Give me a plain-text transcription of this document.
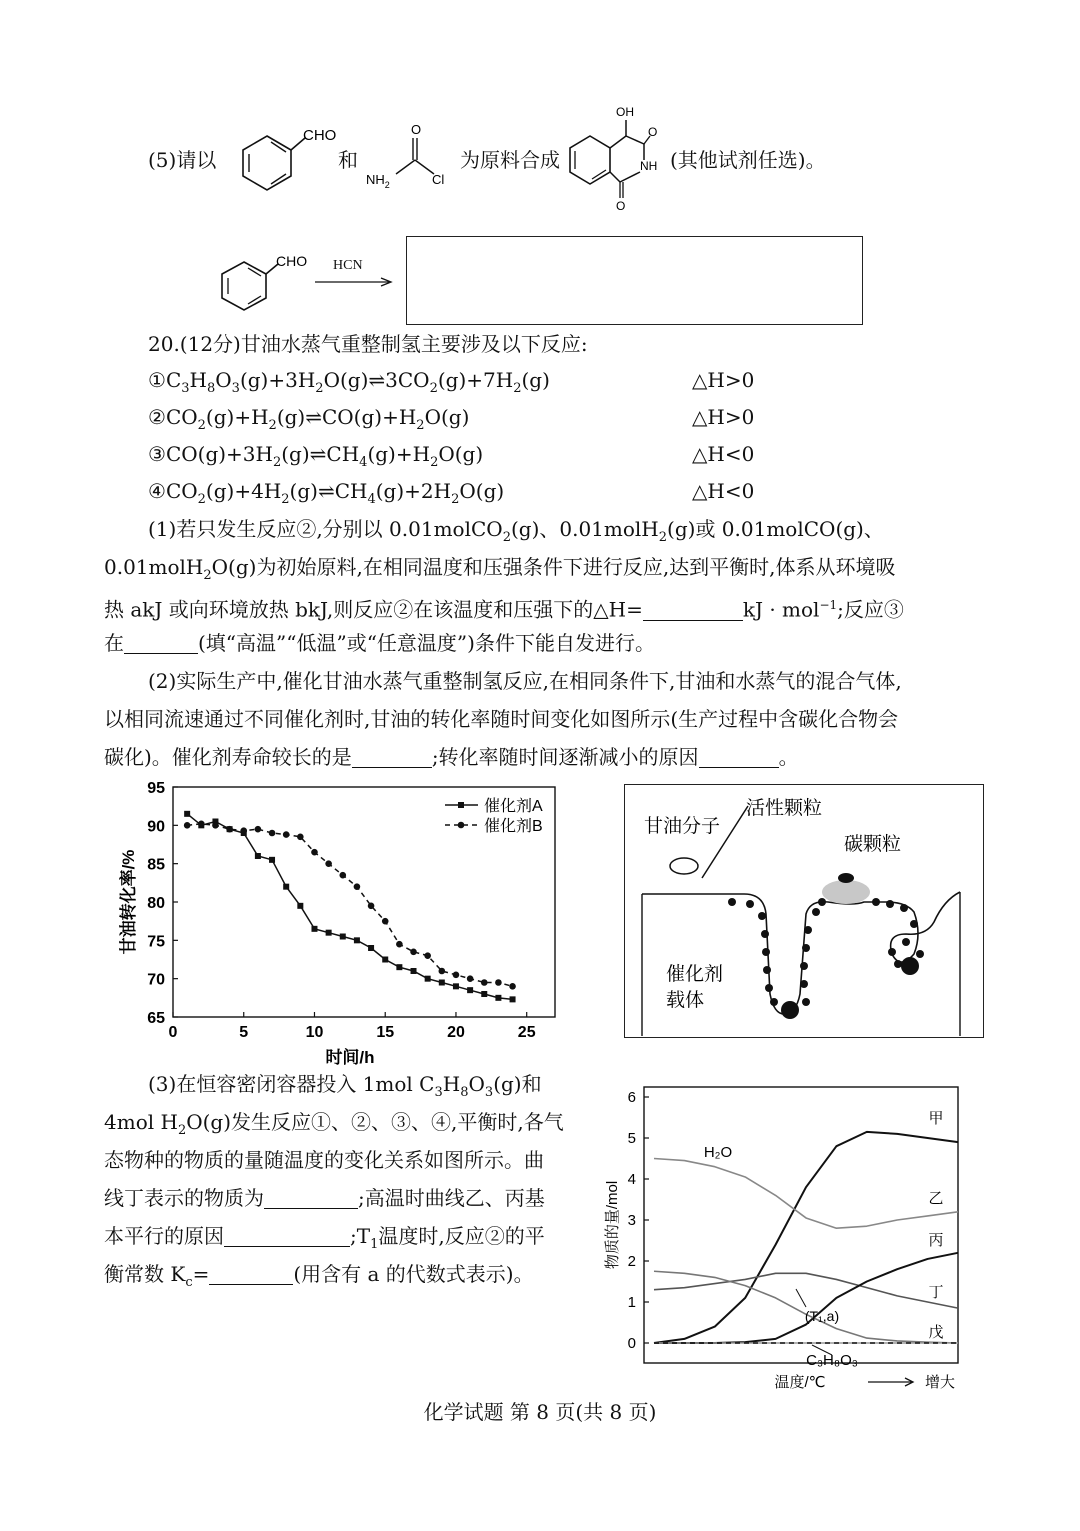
(5)请以
CHO
和
O
$NH_2$	Cl
为原料合成
OH
O
NH
O
(其他试剂任选)。
CHO HCN
20.(12分)甘油水蒸气重整制氢主要涉及以下反应:
$①C_3H_8O_3(g)+3H_2O(g)\rightleftharpoons 3CO_2(g)+7H_2(g)$	△H>0
$②CO_2(g)+H_2(g)\rightleftharpoons CO(g)+H_2O(g)$	△H>0
$③CO(g)+3H_2(g)\rightleftharpoons CH_4(g)+H_2O(g)$	△H<0
$④CO_2(g)+4H_2(g)\rightleftharpoons CH_4(g)+2H_2O(g)$	△H<0
(1)若只发生反应②,分别以 0.01molCO$_2$(g)、0.01molH$_2$(g)或 0.01molCO(g)、
0.01molH$_2$O(g)为初始原料,在相同温度和压强条件下进行反应,达到平衡时,体系从环境吸
热 akJ 或向环境放热 bkJ,则反应②在该温度和压强下的△H=	kJ · mol$^{-1}$;反应③
在	(填“高温”“低温”或“任意温度”)条件下能自发进行。
(2)实际生产中,催化甘油水蒸气重整制氢反应,在相同条件下,甘油和水蒸气的混合气体,
以相同流速通过不同催化剂时,甘油的转化率随时间变化如图所示(生产过程中含碳化合物会
碳化)。催化剂寿命较长的是	;转化率随时间逐渐减小的原因	。
0	5	10	15	20	25
65
70
75
80
85
90
95
催化剂A
催化剂B
时间/h
甘油转化率/%
甘油分子
活性颗粒
碳颗粒
催化剂
载体
(3)在恒容密闭容器投入 1mol $C_3H_8O_3(g)$和
4mol $H_2O(g)$发生反应①、②、③、④,平衡时,各气
态物种的物质的量随温度的变化关系如图所示。曲
线丁表示的物质为	;高温时曲线乙、丙基
本平行的原因	$;T_1$温度时,反应②的平
衡常数 $K_c=$	(用含有 a 的代数式表示)。
0
1
2
3
4
5
6
甲
H₂O
乙
丙
丁
戊
C₃H₈O₃
(T₁,a)
温度/℃	增大
物质的量/mol
化学试题 第 8 页(共 8 页)
